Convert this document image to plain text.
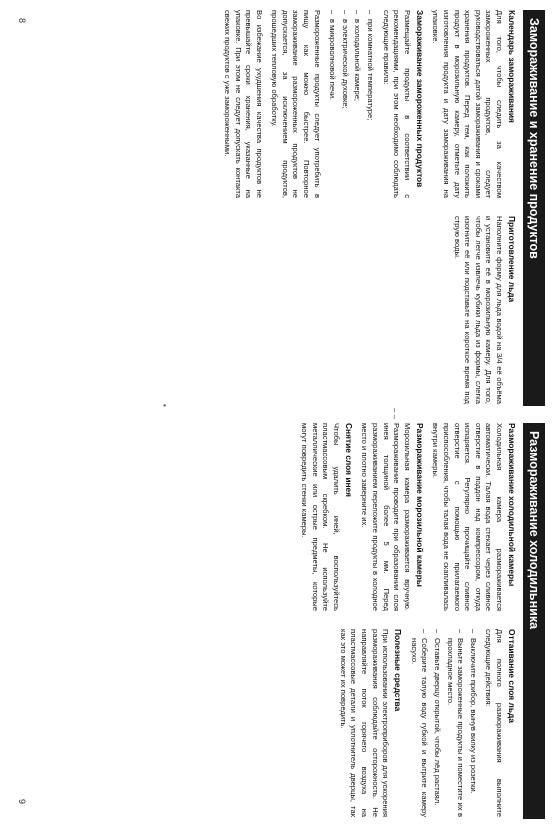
Замораживание и хранение продуктов
Календарь замораживания

Для того, чтобы следить за качеством замороженных продуктов, следует руководствоваться датой замораживания и сроками хранения продуктов. Перед тем, как положить продукт в морозильную камеру, отметьте дату изготовления продукта и дату замораживания на упаковке.

Замораживание замороженных продуктов

Размещайте продукты в соответствии с рекомендациями, при этом необходимо соблюдать следующие правила:

– при комнатной температуре;
– в холодильной камере;
– в электрической духовке;
– в микроволновой печи.

Размороженные продукты следует употребить в пищу как можно быстрее. Повторное замораживание размороженных продуктов не допускается, за исключением продуктов, прошедших тепловую обработку.

Во избежание ухудшения качества продуктов не превышайте сроки хранения, указанные на упаковке. При этом не следует допускать контакта свежих продуктов с уже замороженными.

Приготовление льда

Наполните форму для льда водой на 3/4 её объёма и установите её в морозильную камеру. Для того, чтобы легче извлечь кубики льда из формы, слегка изогните её или подставьте на короткое время под струю воды.

8
– –
•
Размораживание холодильника
Размораживание холодильной камеры

Холодильная камера размораживается автоматически. Талая вода стекает через сливное отверстие в поддон над компрессором, откуда испаряется. Регулярно прочищайте сливное отверстие с помощью прилагаемого приспособления, чтобы талая вода не скапливалась внутри камеры.

Размораживание морозильной камеры

Морозильная камера размораживается вручную. Размораживание проводите при образовании слоя инея толщиной более 5 мм. Перед размораживанием переложите продукты в холодное место и плотно заверните их.

Снятие слоя инея

Чтобы удалить иней, воспользуйтесь пластмассовым скребком. Не используйте металлические или острые предметы, которые могут повредить стенки камеры.

Оттаивание слоя льда

Для полного размораживания выполните следующие действия:

– Выключите прибор, вынув вилку из розетки.
– Выньте замороженные продукты и поместите их в прохладное место.
– Оставьте дверцу открытой, чтобы лёд растаял.
– Соберите талую воду губкой и вытрите камеру насухо.
Полезные средства

При использовании электроприборов для ускорения размораживания соблюдайте осторожность. Не направляйте поток горячего воздуха на пластмассовые детали и уплотнитель дверцы, так как это может их повредить.

9
